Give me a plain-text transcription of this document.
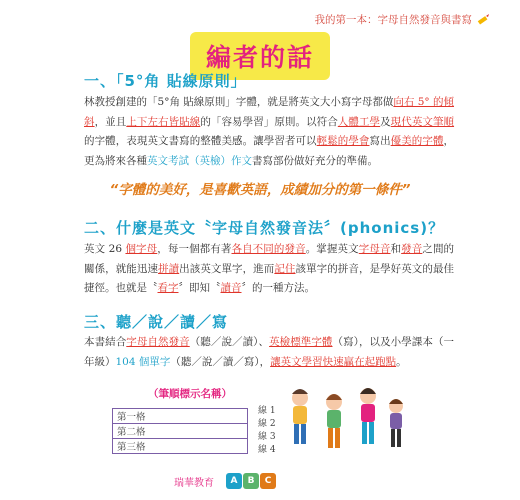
我的第一本：字母自然發音與書寫
編者的話
一、「5°角 貼線原則」
林教授創建的「5°角 貼線原則」字體，就是將英文大小寫字母都做向右 5° 的傾斜，並且上下左右皆貼線的「容易學習」原則。以符合人體工學及現代英文筆順的字體，表現英文書寫的整體美感。讓學習者可以輕鬆的學會寫出優美的字體，更為將來各種英文考試（英檢）作文書寫部份做好充分的準備。
“字體的美好，是喜歡英語，成績加分的第一條件”
二、什麼是英文〝字母自然發音法〞(phonics)？
英文 26 個字母，每一個都有著各自不同的發音。掌握英文字母音和發音之間的關係，就能迅速拼讀出該英文單字，進而記住該單字的拼音，是學好英文的最佳捷徑。也就是〝看字〞即知〝讀音〞的一種方法。
三、聽／說／讀／寫
本書結合字母自然發音（聽／說／讀）、英檢標準字體（寫），以及小學課本（一年級）104 個單字（聽／說／讀／寫），讓英文學習快速贏在起跑點。
（筆順標示名稱）
第一格
第二格
第三格
線 1
線 2
線 3
線 4
瑞華教育	A B C
